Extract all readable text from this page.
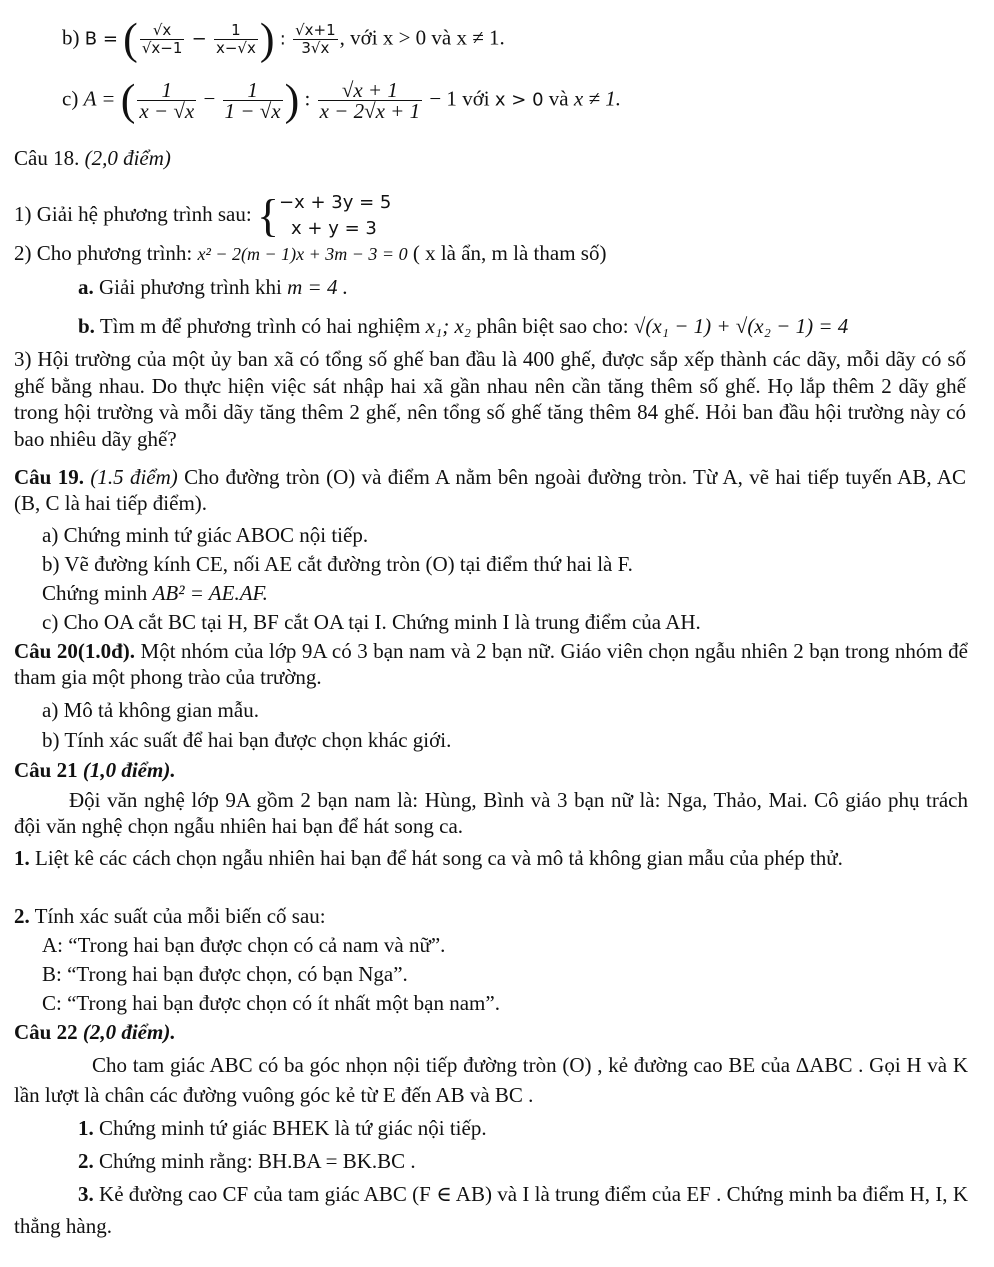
b) B = ( $\frac{√x}{√x-1} - \frac{1}{x-√x}$ ) : $\frac{√x+1}{3√x}$ , với x > 0 và x ≠ 1.
c) A = ( $\frac{1}{x - √x} - \frac{1}{1 - √x}$ ) : $\frac{√x + 1}{x - 2√x + 1} - 1$ với x > 0 và x ≠ 1.
Câu 18. (2,0 điểm)
1) Giải hệ phương trình sau: { −x + 3y = 5
x + y = 3
2) Cho phương trình: x² − 2(m − 1)x + 3m − 3 = 0 ( x là ẩn, m là tham số)
a. Giải phương trình khi m = 4 .
b. Tìm m để phương trình có hai nghiệm x₁; x₂ phân biệt sao cho: √(x₁ − 1) + √(x₂ − 1) = 4
3) Hội trường của một ủy ban xã có tổng số ghế ban đầu là 400 ghế, được sắp xếp thành các dãy, mỗi dãy có số ghế bằng nhau. Do thực hiện việc sát nhập hai xã gần nhau nên cần tăng thêm số ghế. Họ lắp thêm 2 dãy ghế trong hội trường và mỗi dãy tăng thêm 2 ghế, nên tổng số ghế tăng thêm 84 ghế. Hỏi ban đầu hội trường này có bao nhiêu dãy ghế?
Câu 19. (1.5 điểm) Cho đường tròn (O) và điểm A nằm bên ngoài đường tròn. Từ A, vẽ hai tiếp tuyến AB, AC (B, C là hai tiếp điểm).
a) Chứng minh tứ giác ABOC nội tiếp.
b) Vẽ đường kính CE, nối AE cắt đường tròn (O) tại điểm thứ hai là F.
Chứng minh AB² = AE.AF.
c) Cho OA cắt BC tại H, BF cắt OA tại I. Chứng minh I là trung điểm của AH.
Câu 20(1.0đ). Một nhóm của lớp 9A có 3 bạn nam và 2 bạn nữ. Giáo viên chọn ngẫu nhiên 2 bạn trong nhóm để tham gia một phong trào của trường.
a) Mô tả không gian mẫu.
b) Tính xác suất để hai bạn được chọn khác giới.
Câu 21 (1,0 điểm).
Đội văn nghệ lớp 9A gồm 2 bạn nam là: Hùng, Bình và 3 bạn nữ là: Nga, Thảo, Mai. Cô giáo phụ trách đội văn nghệ chọn ngẫu nhiên hai bạn để hát song ca.
1. Liệt kê các cách chọn ngẫu nhiên hai bạn để hát song ca và mô tả không gian mẫu của phép thử.
2. Tính xác suất của mỗi biến cố sau:
A: “Trong hai bạn được chọn có cả nam và nữ”.
B: “Trong hai bạn được chọn, có bạn Nga”.
C: “Trong hai bạn được chọn có ít nhất một bạn nam”.
Câu 22 (2,0 điểm).
Cho tam giác ABC có ba góc nhọn nội tiếp đường tròn (O) , kẻ đường cao BE của ΔABC . Gọi H và K lần lượt là chân các đường vuông góc kẻ từ E đến AB và BC .
1. Chứng minh tứ giác BHEK là tứ giác nội tiếp.
2. Chứng minh rằng: BH.BA = BK.BC .
3. Kẻ đường cao CF của tam giác ABC (F ∈ AB) và I là trung điểm của EF . Chứng minh ba điểm H, I, K thẳng hàng.
